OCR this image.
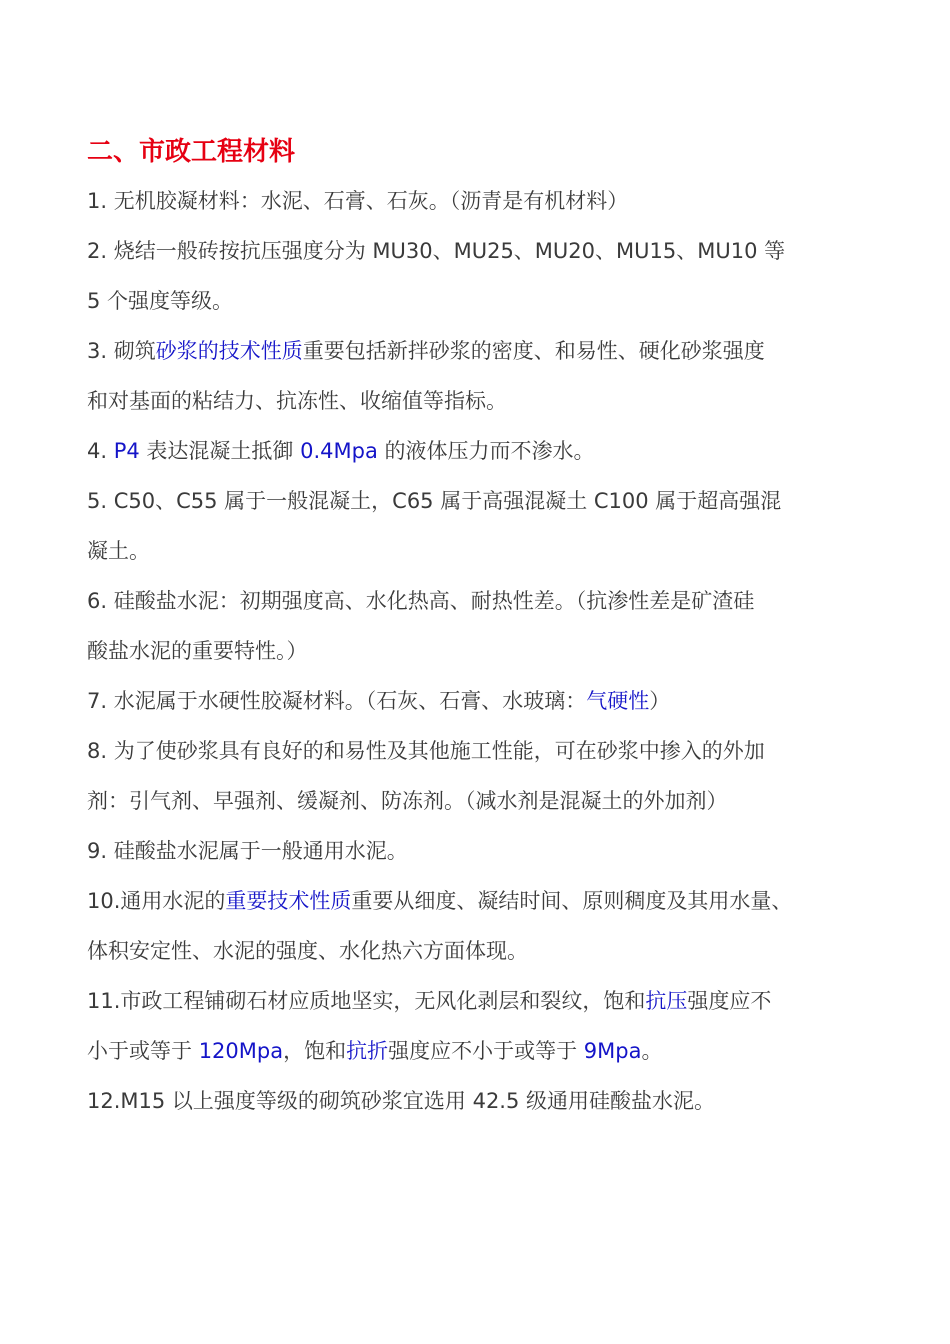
二、市政工程材料
1. 无机胶凝材料：水泥、石膏、石灰。（沥青是有机材料）
2. 烧结一般砖按抗压强度分为 MU30、MU25、MU20、MU15、MU10 等
5 个强度等级。
3. 砌筑砂浆的技术性质重要包括新拌砂浆的密度、和易性、硬化砂浆强度
和对基面的粘结力、抗冻性、收缩值等指标。
4. P4 表达混凝土抵御 0.4Mpa 的液体压力而不渗水。
5. C50、C55 属于一般混凝土，C65 属于高强混凝土 C100 属于超高强混
凝土。
6. 硅酸盐水泥：初期强度高、水化热高、耐热性差。（抗渗性差是矿渣硅
酸盐水泥的重要特性。）
7. 水泥属于水硬性胶凝材料。（石灰、石膏、水玻璃：气硬性）
8. 为了使砂浆具有良好的和易性及其他施工性能，可在砂浆中掺入的外加
剂：引气剂、早强剂、缓凝剂、防冻剂。（减水剂是混凝土的外加剂）
9. 硅酸盐水泥属于一般通用水泥。
10.通用水泥的重要技术性质重要从细度、凝结时间、原则稠度及其用水量、
体积安定性、水泥的强度、水化热六方面体现。
11.市政工程铺砌石材应质地坚实，无风化剥层和裂纹，饱和抗压强度应不
小于或等于 120Mpa，饱和抗折强度应不小于或等于 9Mpa。
12.M15 以上强度等级的砌筑砂浆宜选用 42.5 级通用硅酸盐水泥。
